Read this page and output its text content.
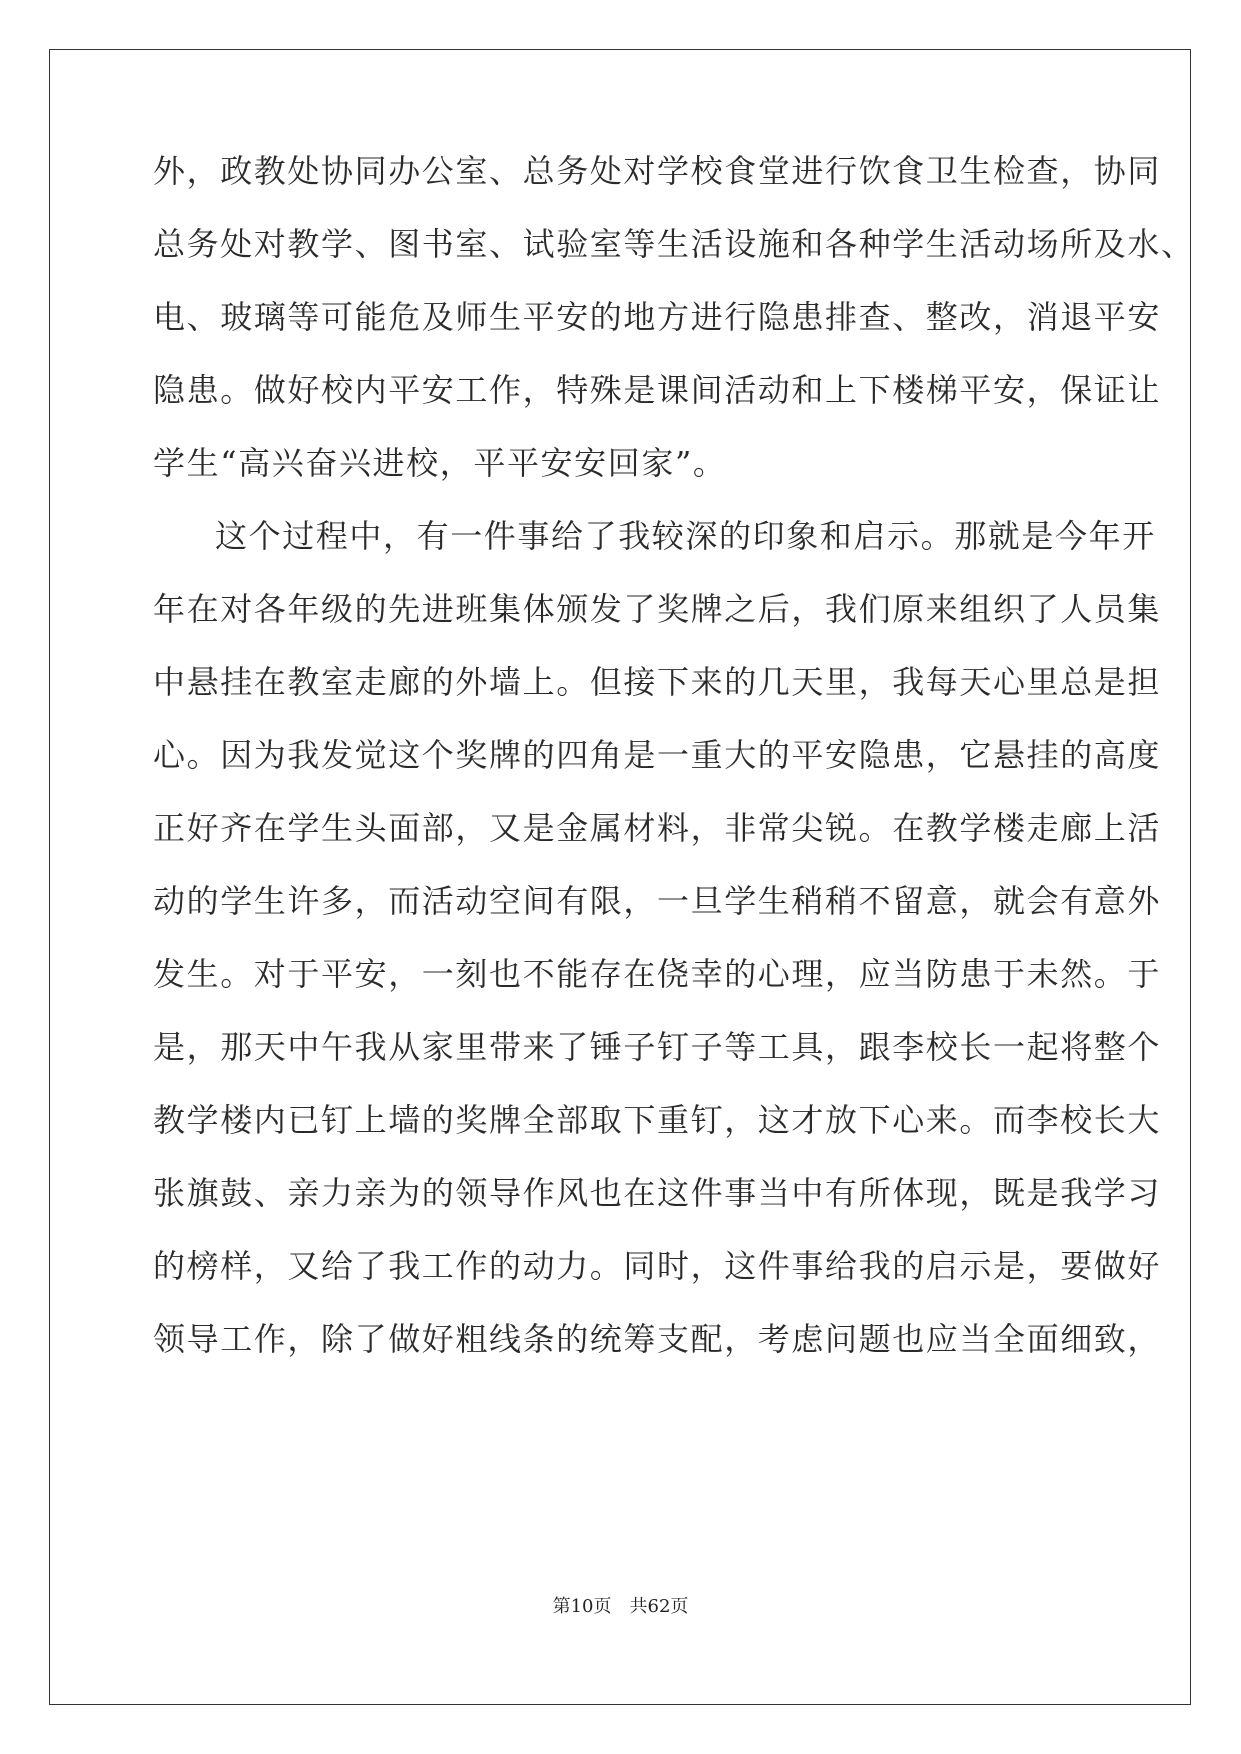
外，政教处协同办公室、总务处对学校食堂进行饮食卫生检查，协同

总务处对教学、图书室、试验室等生活设施和各种学生活动场所及水、

电、玻璃等可能危及师生平安的地方进行隐患排查、整改，消退平安

隐患。做好校内平安工作，特殊是课间活动和上下楼梯平安，保证让

学生“高兴奋兴进校，平平安安回家”。

这个过程中，有一件事给了我较深的印象和启示。那就是今年开

年在对各年级的先进班集体颁发了奖牌之后，我们原来组织了人员集

中悬挂在教室走廊的外墙上。但接下来的几天里，我每天心里总是担

心。因为我发觉这个奖牌的四角是一重大的平安隐患，它悬挂的高度

正好齐在学生头面部，又是金属材料，非常尖锐。在教学楼走廊上活

动的学生许多，而活动空间有限，一旦学生稍稍不留意，就会有意外

发生。对于平安，一刻也不能存在侥幸的心理，应当防患于未然。于

是，那天中午我从家里带来了锤子钉子等工具，跟李校长一起将整个

教学楼内已钉上墙的奖牌全部取下重钉，这才放下心来。而李校长大

张旗鼓、亲力亲为的领导作风也在这件事当中有所体现，既是我学习

的榜样，又给了我工作的动力。同时，这件事给我的启示是，要做好

领导工作，除了做好粗线条的统筹支配，考虑问题也应当全面细致，

第10页 共62页
